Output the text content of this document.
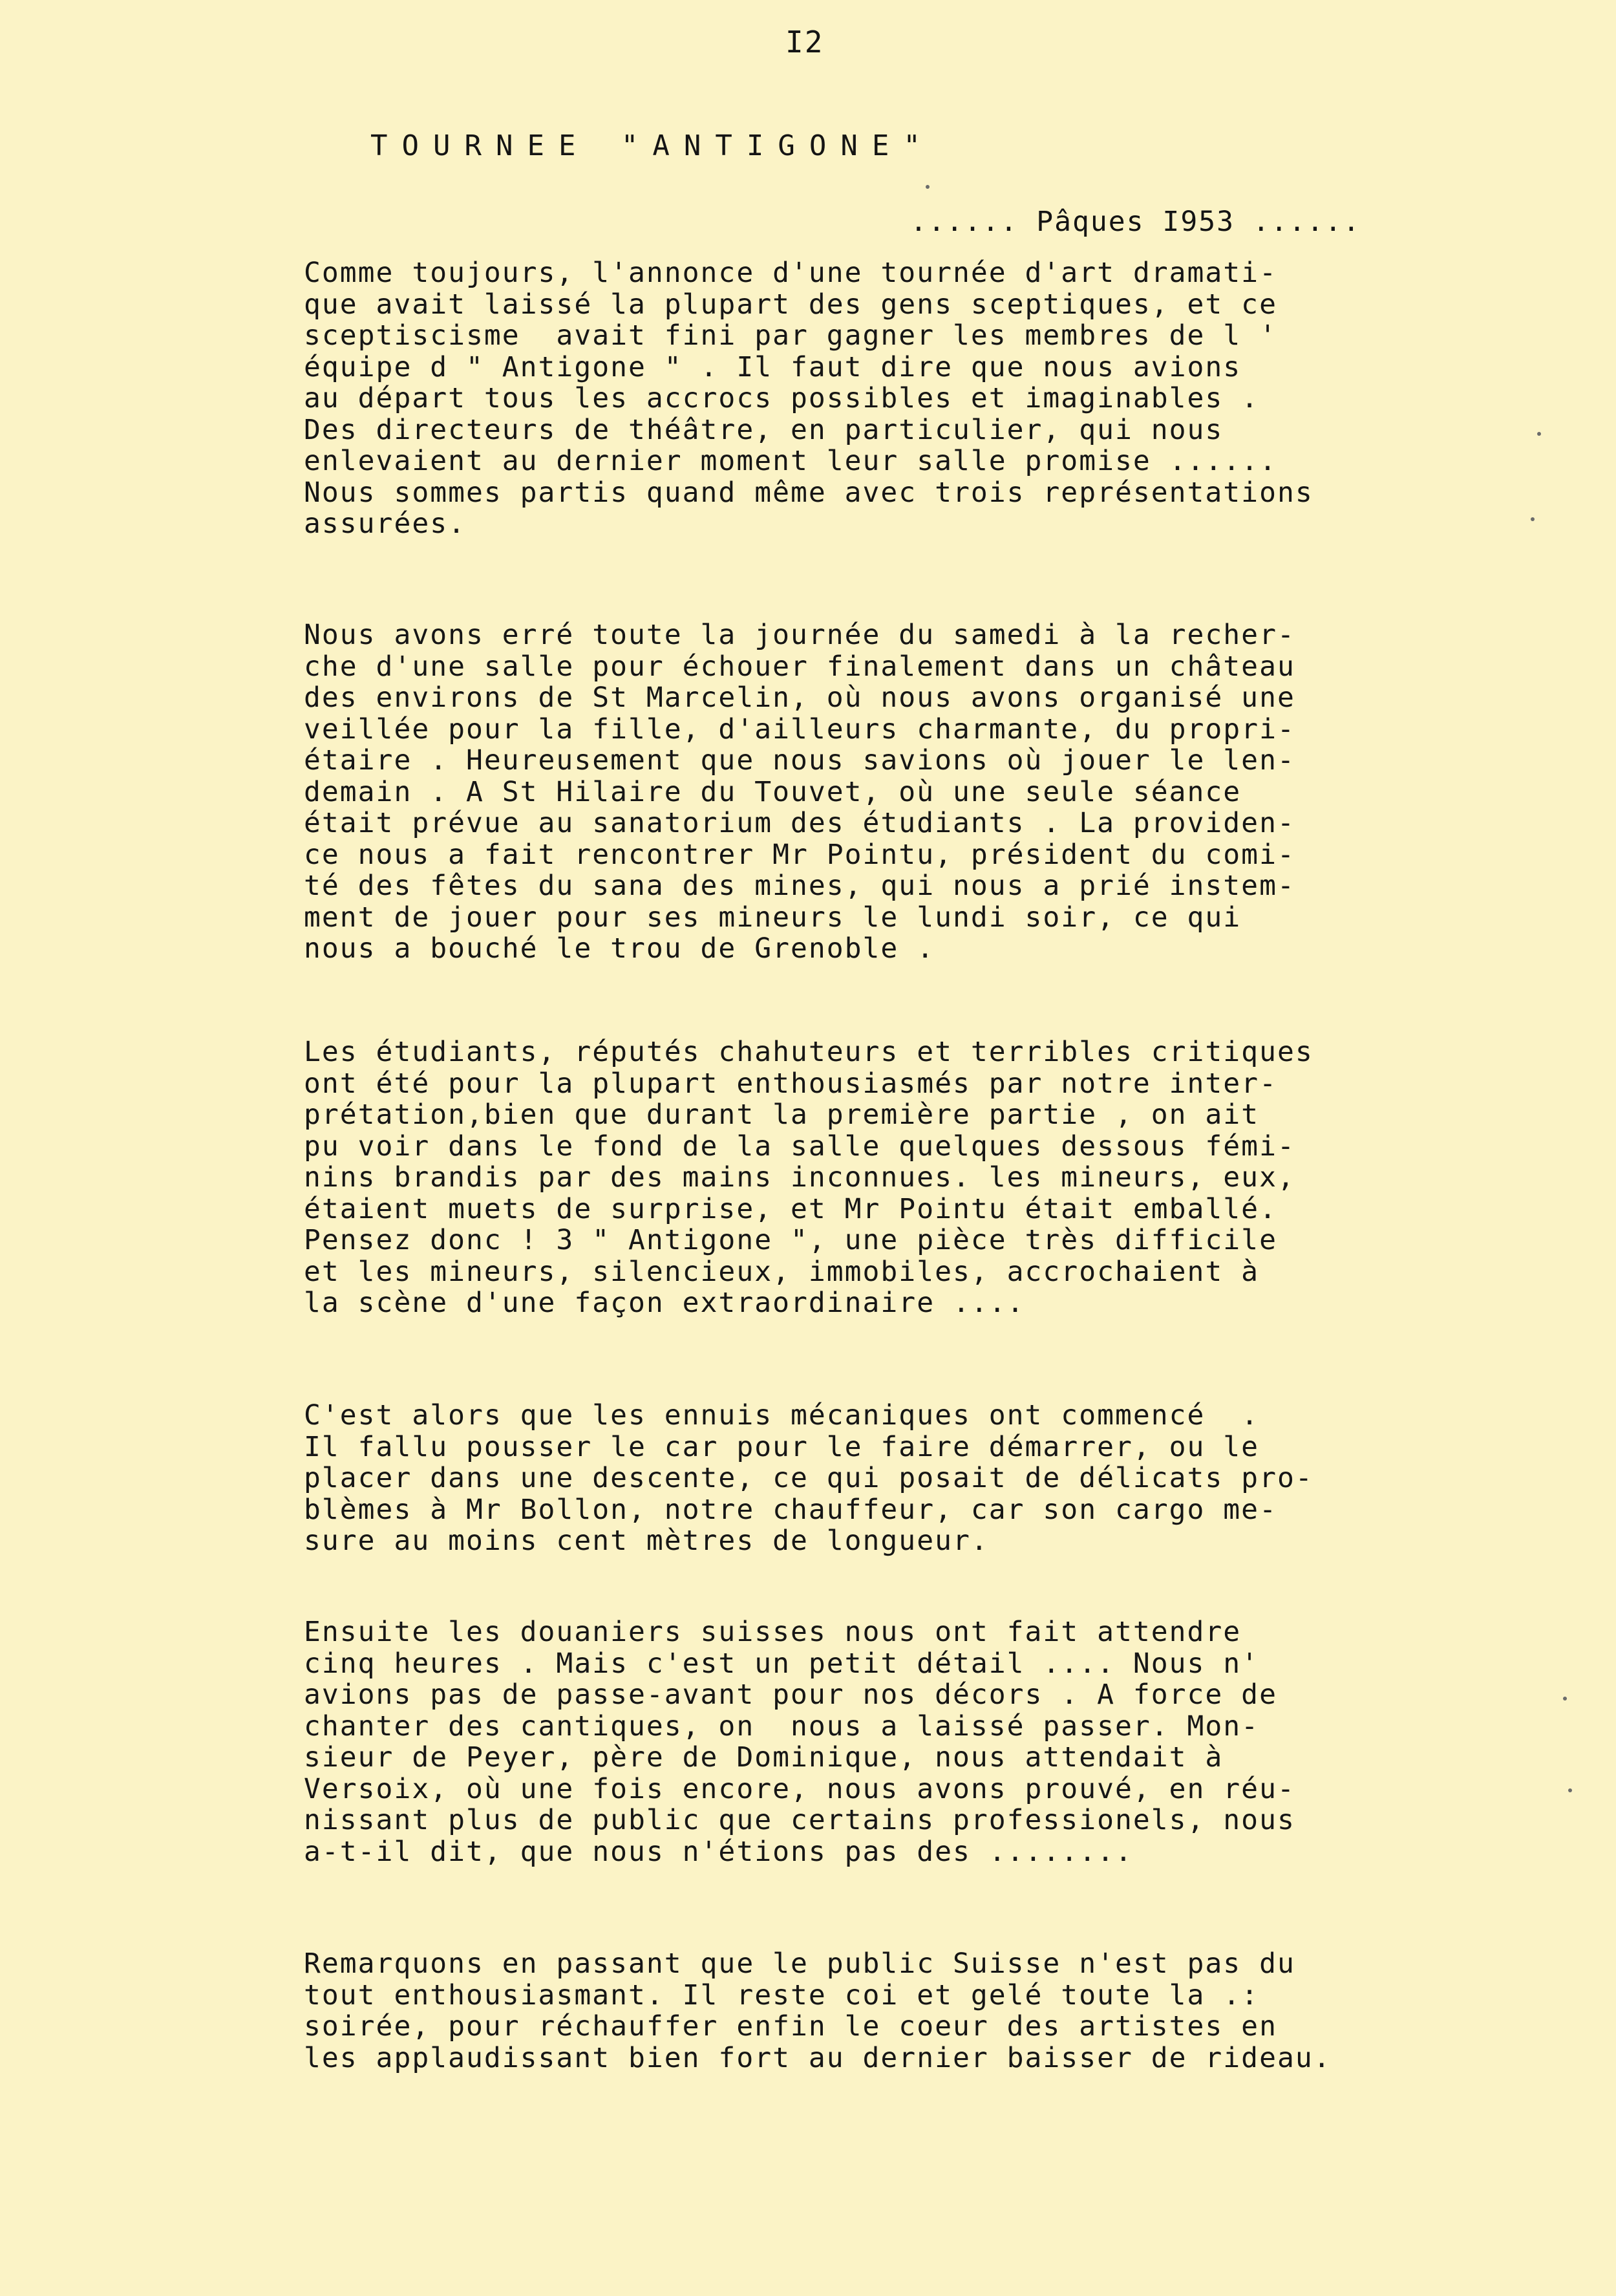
I2

TOURNEE "ANTIGONE"

...... Pâques I953 ......

Comme toujours, l'annonce d'une tournée d'art dramati-
que avait laissé la plupart des gens sceptiques, et ce
sceptiscisme  avait fini par gagner les membres de l '
équipe d " Antigone " . Il faut dire que nous avions
au départ tous les accrocs possibles et imaginables .
Des directeurs de théâtre, en particulier, qui nous
enlevaient au dernier moment leur salle promise ......
Nous sommes partis quand même avec trois représentations
assurées.
Nous avons erré toute la journée du samedi à la recher-
che d'une salle pour échouer finalement dans un château
des environs de St Marcelin, où nous avons organisé une
veillée pour la fille, d'ailleurs charmante, du propri-
étaire . Heureusement que nous savions où jouer le len-
demain . A St Hilaire du Touvet, où une seule séance
était prévue au sanatorium des étudiants . La providen-
ce nous a fait rencontrer Mr Pointu, président du comi-
té des fêtes du sana des mines, qui nous a prié instem-
ment de jouer pour ses mineurs le lundi soir, ce qui
nous a bouché le trou de Grenoble .
Les étudiants, réputés chahuteurs et terribles critiques
ont été pour la plupart enthousiasmés par notre inter-
prétation,bien que durant la première partie , on ait
pu voir dans le fond de la salle quelques dessous fémi-
nins brandis par des mains inconnues. les mineurs, eux,
étaient muets de surprise, et Mr Pointu était emballé.
Pensez donc ! 3 " Antigone ", une pièce très difficile
et les mineurs, silencieux, immobiles, accrochaient à
la scène d'une façon extraordinaire ....
C'est alors que les ennuis mécaniques ont commencé  .
Il fallu pousser le car pour le faire démarrer, ou le
placer dans une descente, ce qui posait de délicats pro-
blèmes à Mr Bollon, notre chauffeur, car son cargo me-
sure au moins cent mètres de longueur.
Ensuite les douaniers suisses nous ont fait attendre
cinq heures . Mais c'est un petit détail .... Nous n'
avions pas de passe-avant pour nos décors . A force de
chanter des cantiques, on  nous a laissé passer. Mon-
sieur de Peyer, père de Dominique, nous attendait à
Versoix, où une fois encore, nous avons prouvé, en réu-
nissant plus de public que certains professionels, nous
a-t-il dit, que nous n'étions pas des ........
Remarquons en passant que le public Suisse n'est pas du
tout enthousiasmant. Il reste coi et gelé toute la .:
soirée, pour réchauffer enfin le coeur des artistes en
les applaudissant bien fort au dernier baisser de rideau.
